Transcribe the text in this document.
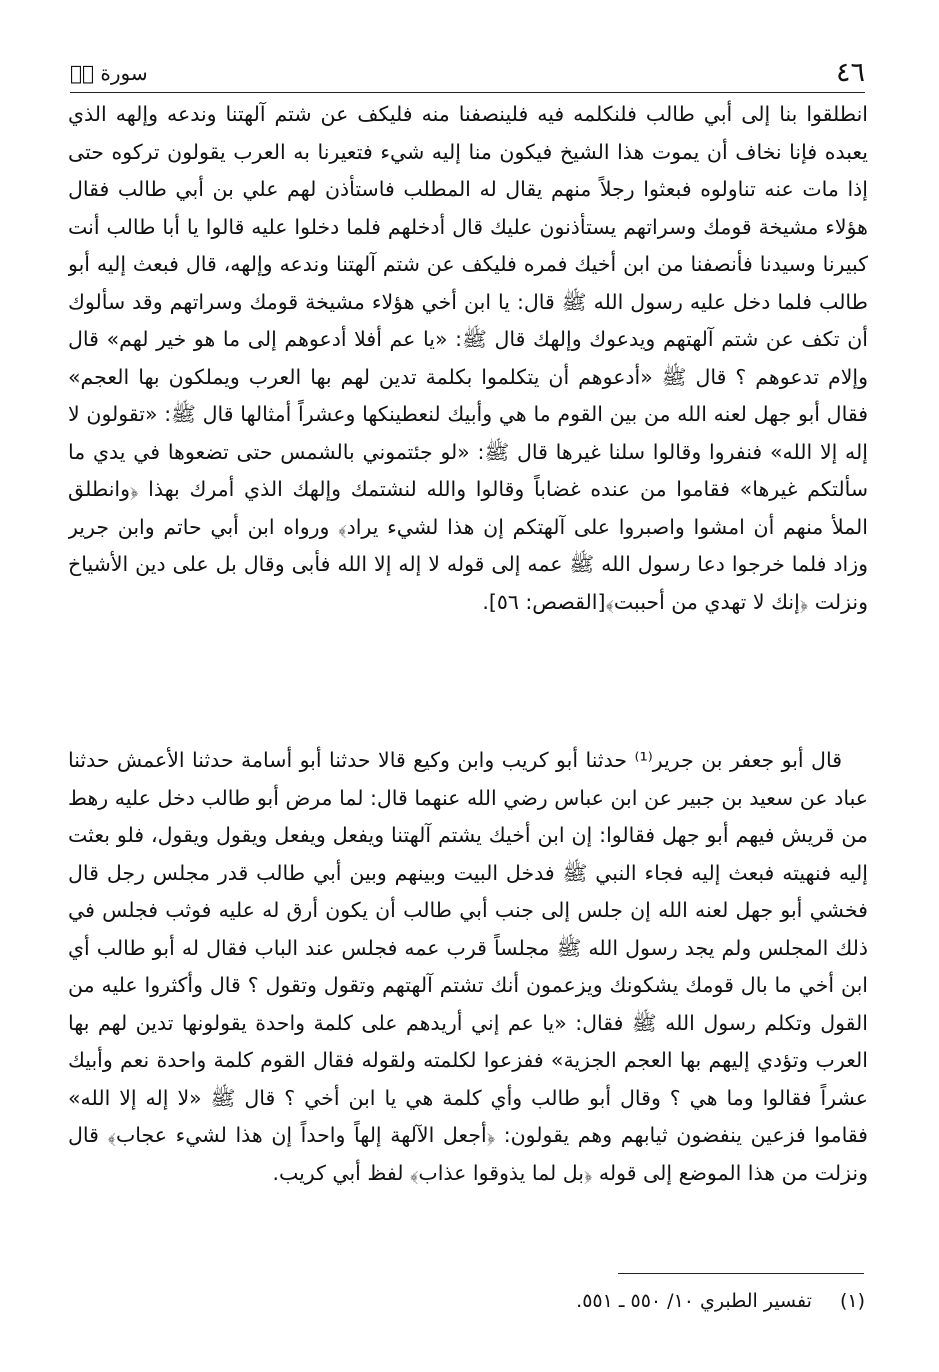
٤٦
سورة صۤ

انطلقوا بنا إلى أبي طالب فلنكلمه فيه فلينصفنا منه فليكف عن شتم آلهتنا وندعه وإلهه الذي يعبده فإنا نخاف أن يموت هذا الشيخ فيكون منا إليه شيء فتعيرنا به العرب يقولون تركوه حتى إذا مات عنه تناولوه فبعثوا رجلاً منهم يقال له المطلب فاستأذن لهم علي بن أبي طالب فقال هؤلاء مشيخة قومك وسراتهم يستأذنون عليك قال أدخلهم فلما دخلوا عليه قالوا يا أبا طالب أنت كبيرنا وسيدنا فأنصفنا من ابن أخيك فمره فليكف عن شتم آلهتنا وندعه وإلهه، قال فبعث إليه أبو طالب فلما دخل عليه رسول الله ﷺ قال: يا ابن أخي هؤلاء مشيخة قومك وسراتهم وقد سألوك أن تكف عن شتم آلهتهم ويدعوك وإلهك قال ﷺ: «يا عم أفلا أدعوهم إلى ما هو خير لهم» قال وإلام تدعوهم ؟ قال ﷺ «أدعوهم أن يتكلموا بكلمة تدين لهم بها العرب ويملكون بها العجم» فقال أبو جهل لعنه الله من بين القوم ما هي وأبيك لنعطينكها وعشراً أمثالها قال ﷺ: «تقولون لا إله إلا الله» فنفروا وقالوا سلنا غيرها قال ﷺ: «لو جئتموني بالشمس حتى تضعوها في يدي ما سألتكم غيرها» فقاموا من عنده غضاباً وقالوا والله لنشتمك وإلهك الذي أمرك بهذا ﴿وانطلق الملأ منهم أن امشوا واصبروا على آلهتكم إن هذا لشيء يراد﴾ ورواه ابن أبي حاتم وابن جرير وزاد فلما خرجوا دعا رسول الله ﷺ عمه إلى قوله لا إله إلا الله فأبى وقال بل على دين الأشياخ ونزلت ﴿إنك لا تهدي من أحببت﴾[القصص: ٥٦].

قال أبو جعفر بن جرير⁽¹⁾ حدثنا أبو كريب وابن وكيع قالا حدثنا أبو أسامة حدثنا الأعمش حدثنا عباد عن سعيد بن جبير عن ابن عباس رضي الله عنهما قال: لما مرض أبو طالب دخل عليه رهط من قريش فيهم أبو جهل فقالوا: إن ابن أخيك يشتم آلهتنا ويفعل ويفعل ويقول ويقول، فلو بعثت إليه فنهيته فبعث إليه فجاء النبي ﷺ فدخل البيت وبينهم وبين أبي طالب قدر مجلس رجل قال فخشي أبو جهل لعنه الله إن جلس إلى جنب أبي طالب أن يكون أرق له عليه فوثب فجلس في ذلك المجلس ولم يجد رسول الله ﷺ مجلساً قرب عمه فجلس عند الباب فقال له أبو طالب أي ابن أخي ما بال قومك يشكونك ويزعمون أنك تشتم آلهتهم وتقول وتقول ؟ قال وأكثروا عليه من القول وتكلم رسول الله ﷺ فقال: «يا عم إني أريدهم على كلمة واحدة يقولونها تدين لهم بها العرب وتؤدي إليهم بها العجم الجزية» ففزعوا لكلمته ولقوله فقال القوم كلمة واحدة نعم وأبيك عشراً فقالوا وما هي ؟ وقال أبو طالب وأي كلمة هي يا ابن أخي ؟ قال ﷺ «لا إله إلا الله» فقاموا فزعين ينفضون ثيابهم وهم يقولون: ﴿أجعل الآلهة إلهاً واحداً إن هذا لشيء عجاب﴾ قال ونزلت من هذا الموضع إلى قوله ﴿بل لما يذوقوا عذاب﴾ لفظ أبي كريب.

(١) تفسير الطبري ١٠/ ٥٥٠ ـ ٥٥١.
